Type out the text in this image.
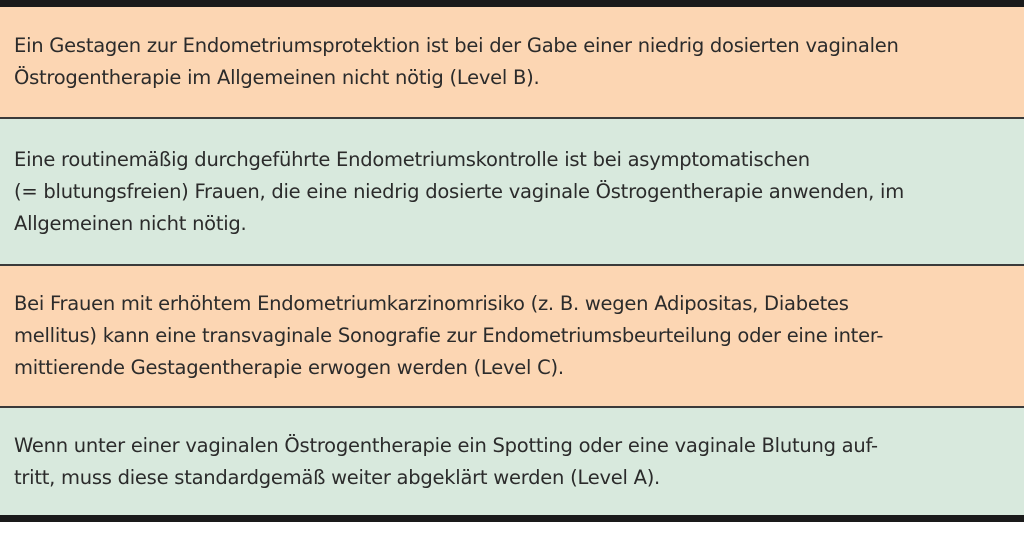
Ein Gestagen zur Endometriumsprotektion ist bei der Gabe einer niedrig dosierten vaginalen
Östrogentherapie im Allgemeinen nicht nötig (Level B).
Eine routinemäßig durchgeführte Endometriumskontrolle ist bei asymptomatischen
(= blutungsfreien) Frauen, die eine niedrig dosierte vaginale Östrogentherapie anwenden, im
Allgemeinen nicht nötig.
Bei Frauen mit erhöhtem Endometriumkarzinomrisiko (z. B. wegen Adipositas, Diabetes
mellitus) kann eine transvaginale Sonografie zur Endometriumsbeurteilung oder eine inter-
mittierende Gestagentherapie erwogen werden (Level C).
Wenn unter einer vaginalen Östrogentherapie ein Spotting oder eine vaginale Blutung auf-
tritt, muss diese standardgemäß weiter abgeklärt werden (Level A).
